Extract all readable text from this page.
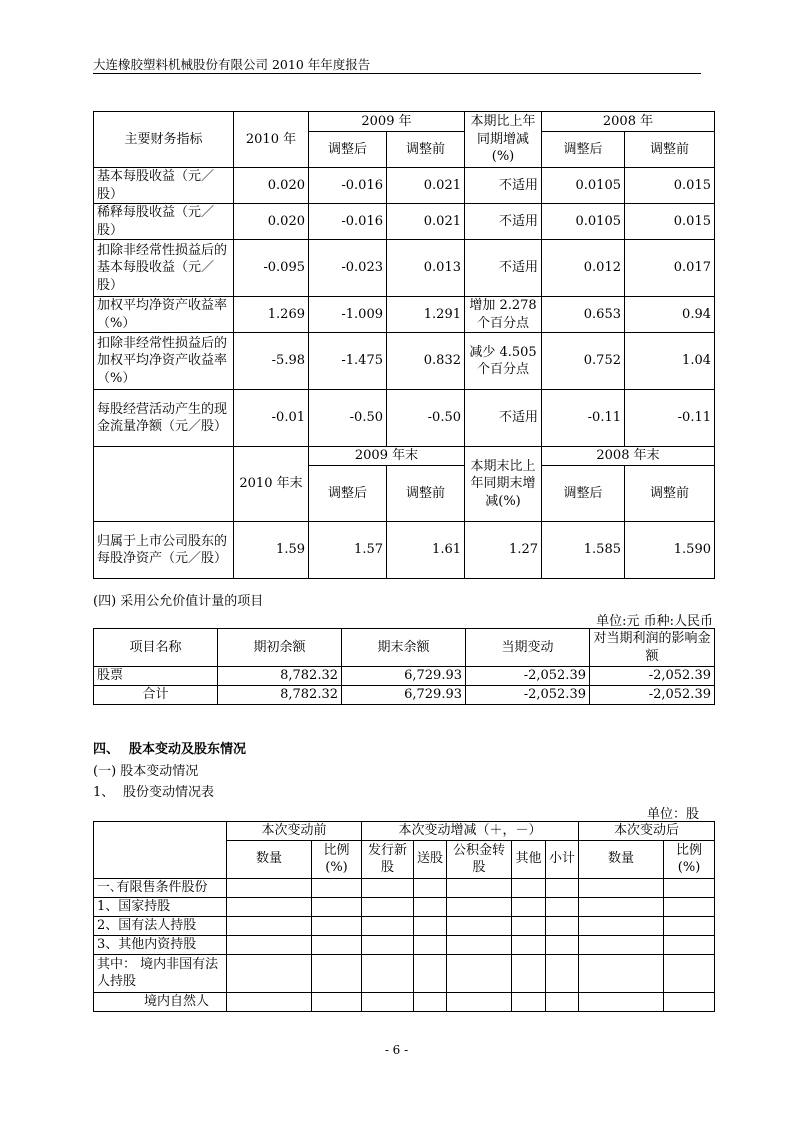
大连橡胶塑料机械股份有限公司 2010 年年度报告
主要财务指标	2010 年	2009 年		本期比上年同期增减(%)	2008 年	
		调整后	调整前		调整后	调整前
基本每股收益（元／股）	0.020	-0.016	0.021	不适用	0.0105	0.015
稀释每股收益（元／股）	0.020	-0.016	0.021	不适用	0.0105	0.015
扣除非经常性损益后的基本每股收益（元／股）	-0.095	-0.023	0.013	不适用	0.012	0.017
加权平均净资产收益率（%）	1.269	-1.009	1.291	增加 2.278 个百分点	0.653	0.94
扣除非经常性损益后的加权平均净资产收益率（%）	-5.98	-1.475	0.832	减少 4.505 个百分点	0.752	1.04
每股经营活动产生的现金流量净额（元／股）	-0.01	-0.50	-0.50	不适用	-0.11	-0.11
	2010 年末	2009 年末		本期末比上年同期末增减(%)	2008 年末	
		调整后	调整前		调整后	调整前
归属于上市公司股东的每股净资产（元／股）	1.59	1.57	1.61	1.27	1.585	1.590
(四) 采用公允价值计量的项目
单位:元 币种:人民币
项目名称	期初余额	期末余额	当期变动	对当期利润的影响金额
股票	8,782.32	6,729.93	-2,052.39	-2,052.39
合计	8,782.32	6,729.93	-2,052.39	-2,052.39
四、 股本变动及股东情况
(一) 股本变动情况
1、 股份变动情况表
单位：股
	本次变动前		本次变动增减（＋，－）					本次变动后	
	数量	比例(%)	发行新股	送股	公积金转股	其他	小计	数量	比例(%)
一､有限售条件股份									
1、国家持股									
2、国有法人持股									
3、其他内资持股									
其中： 境内非国有法人持股									
境内自然人									
- 6 -
